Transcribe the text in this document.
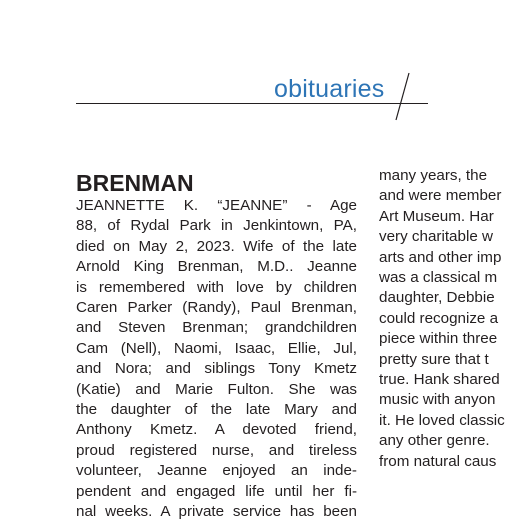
obituaries
BRENMAN
JEANNETTE K. “JEANNE” - Age
88, of Rydal Park in Jenkintown, PA,
died on May 2, 2023. Wife of the late
Arnold King Brenman, M.D.. Jeanne
is remembered with love by children
Caren Parker (Randy), Paul Brenman,
and Steven Brenman; grandchildren
Cam (Nell), Naomi, Isaac, Ellie, Jul,
and Nora; and siblings Tony Kmetz
(Katie) and Marie Fulton. She was
the daughter of the late Mary and
Anthony Kmetz. A devoted friend,
proud registered nurse, and tireless
volunteer, Jeanne enjoyed an inde-
pendent and engaged life until her fi-
nal weeks. A private service has been
many years, the
and were member
Art Museum. Har
very charitable w
arts and other imp
was a classical m
daughter, Debbie
could recognize a
piece within three
pretty sure that t
true. Hank shared
music with anyon
it. He loved classic
any other genre.
from natural caus
